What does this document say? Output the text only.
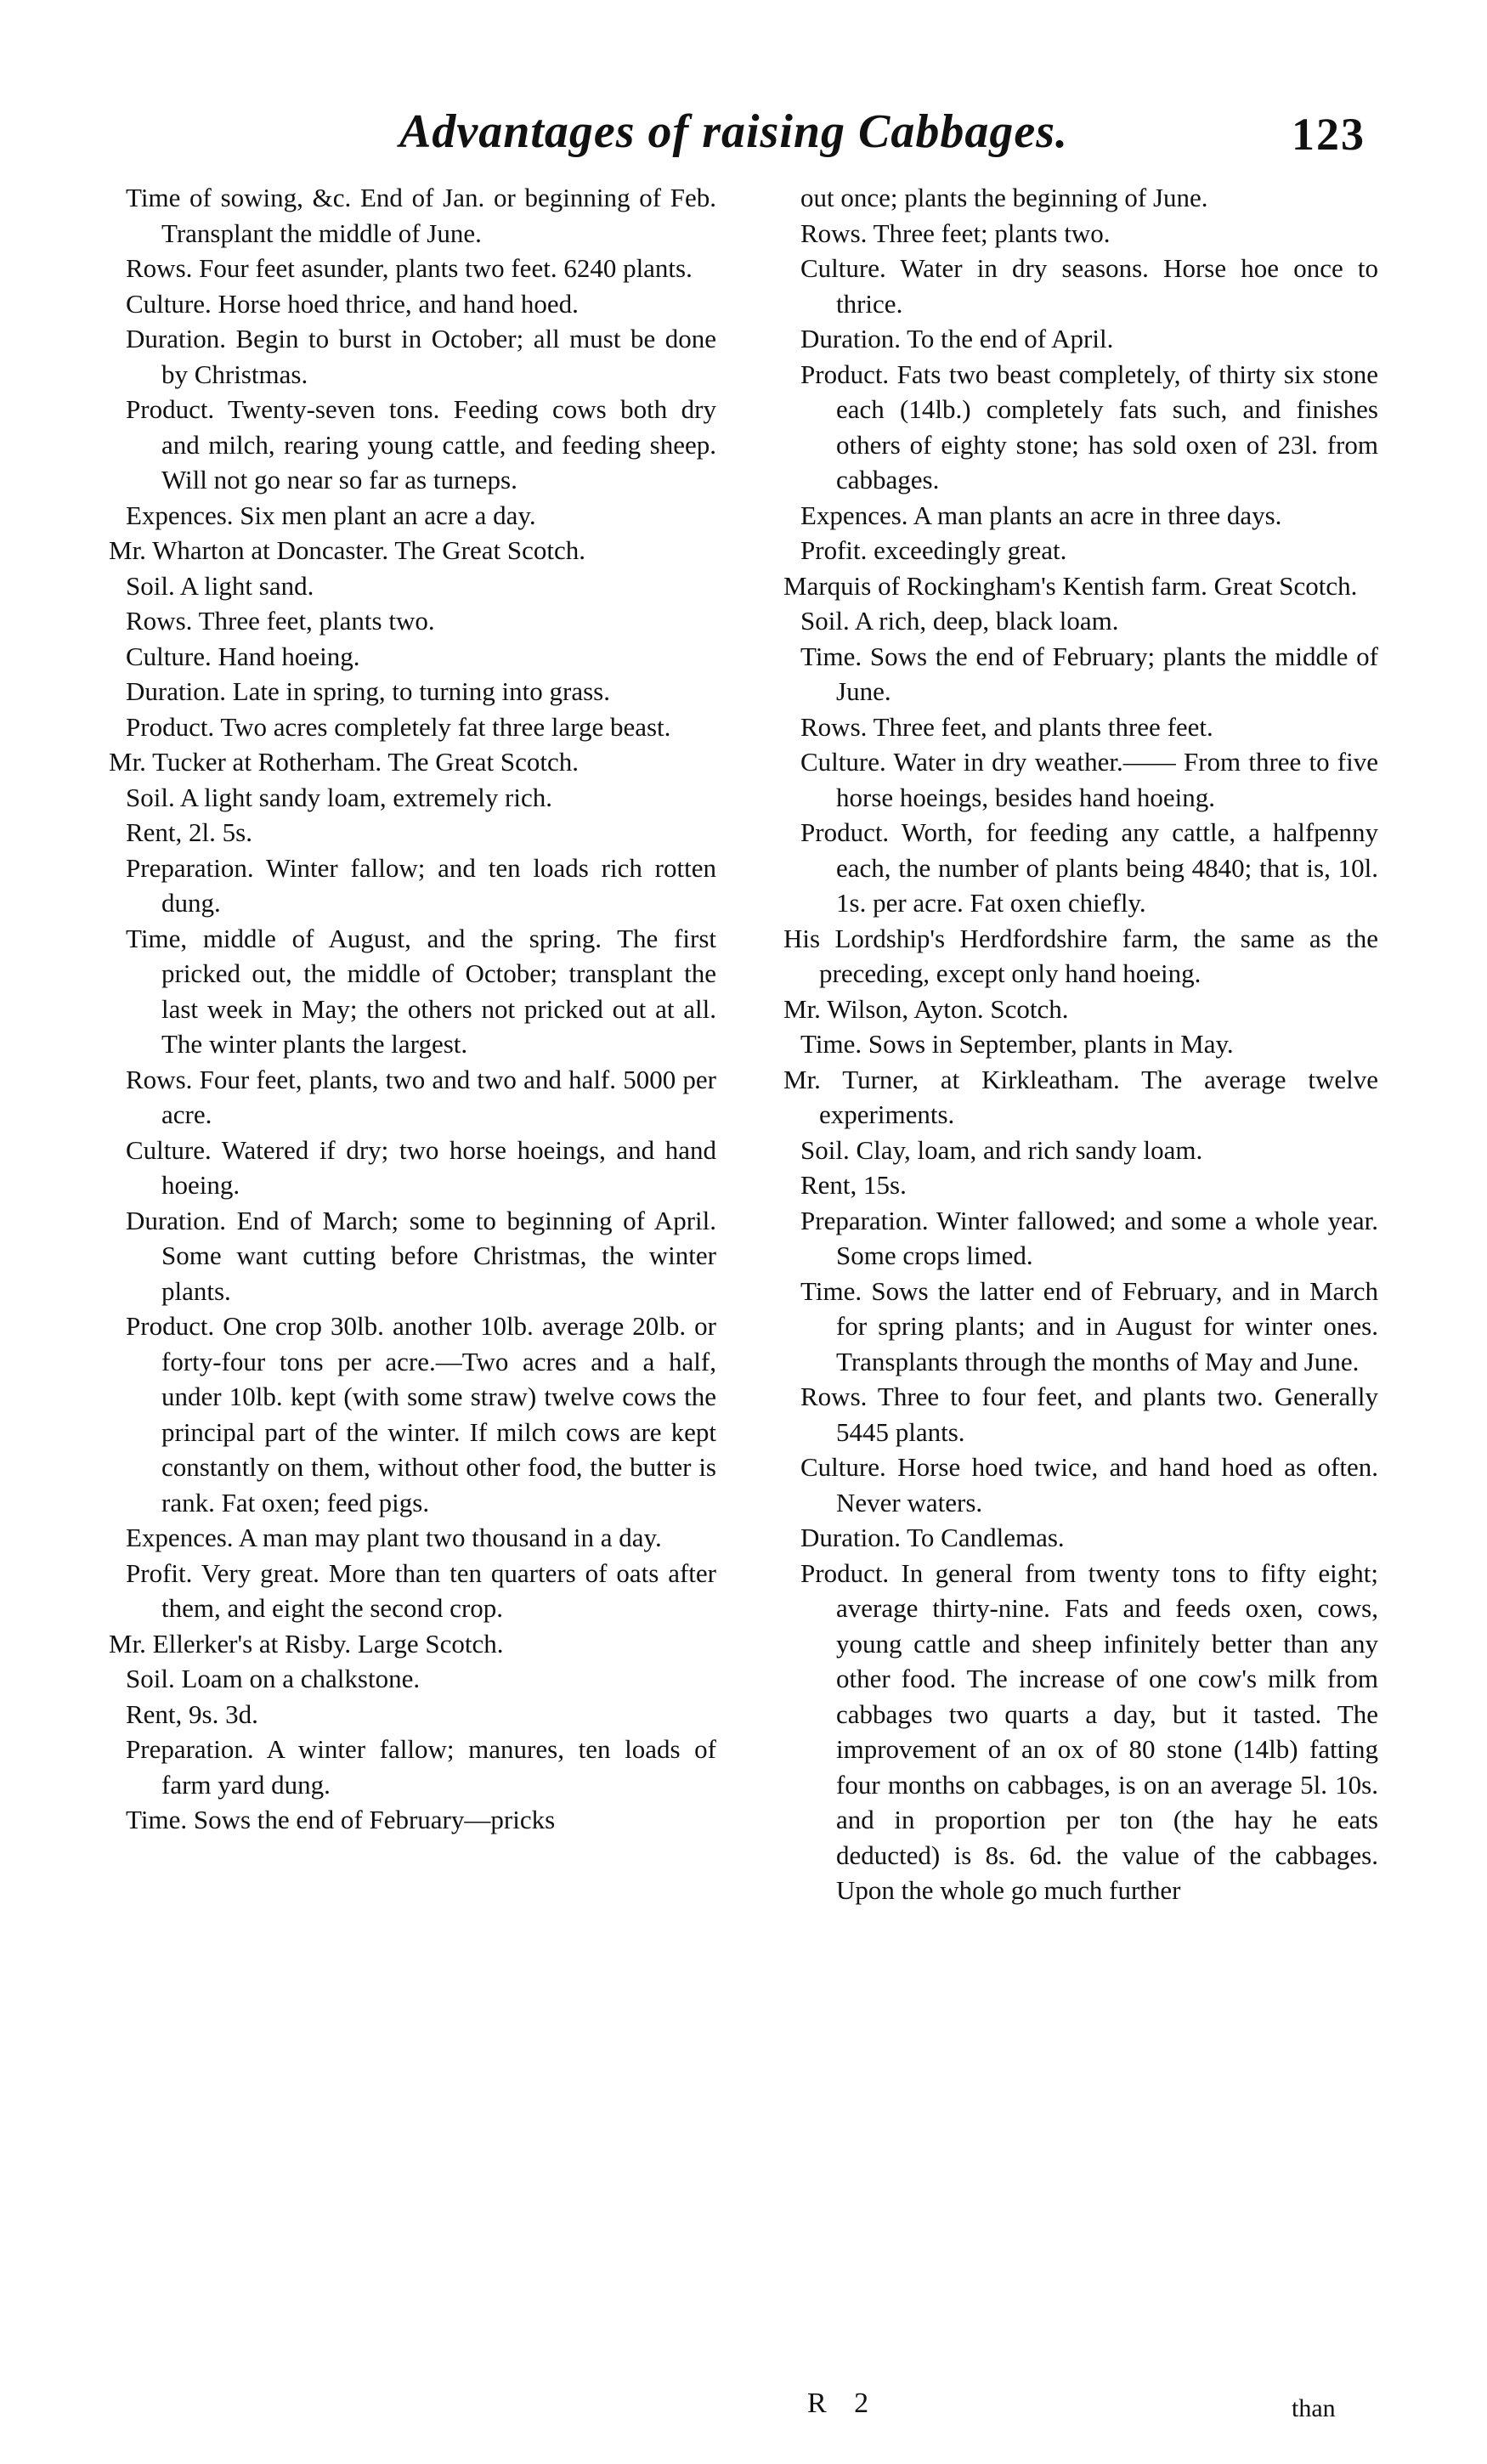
Advantages of raising Cabbages.	123

Time of sowing, &c. End of Jan. or beginning of Feb. Transplant the middle of June.

Rows. Four feet asunder, plants two feet. 6240 plants.

Culture. Horse hoed thrice, and hand hoed.

Duration. Begin to burst in October; all must be done by Christmas.

Product. Twenty-seven tons. Feeding cows both dry and milch, rearing young cattle, and feeding sheep. Will not go near so far as turneps.

Expences. Six men plant an acre a day.

Mr. Wharton at Doncaster. The Great Scotch.

Soil. A light sand.

Rows. Three feet, plants two.

Culture. Hand hoeing.

Duration. Late in spring, to turning into grass.

Product. Two acres completely fat three large beast.

Mr. Tucker at Rotherham. The Great Scotch.

Soil. A light sandy loam, extremely rich.

Rent, 2l. 5s.

Preparation. Winter fallow; and ten loads rich rotten dung.

Time, middle of August, and the spring. The first pricked out, the middle of October; transplant the last week in May; the others not pricked out at all. The winter plants the largest.

Rows. Four feet, plants, two and two and half. 5000 per acre.

Culture. Watered if dry; two horse hoeings, and hand hoeing.

Duration. End of March; some to beginning of April. Some want cutting before Christmas, the winter plants.

Product. One crop 30lb. another 10lb. average 20lb. or forty-four tons per acre.—Two acres and a half, under 10lb. kept (with some straw) twelve cows the principal part of the winter. If milch cows are kept constantly on them, without other food, the butter is rank. Fat oxen; feed pigs.

Expences. A man may plant two thousand in a day.

Profit. Very great. More than ten quarters of oats after them, and eight the second crop.

Mr. Ellerker's at Risby. Large Scotch.

Soil. Loam on a chalkstone.

Rent, 9s. 3d.

Preparation. A winter fallow; manures, ten loads of farm yard dung.

Time. Sows the end of February—pricks

out once; plants the beginning of June.

Rows. Three feet; plants two.

Culture. Water in dry seasons. Horse hoe once to thrice.

Duration. To the end of April.

Product. Fats two beast completely, of thirty six stone each (14lb.) completely fats such, and finishes others of eighty stone; has sold oxen of 23l. from cabbages.

Expences. A man plants an acre in three days.

Profit. exceedingly great.

Marquis of Rockingham's Kentish farm. Great Scotch.

Soil. A rich, deep, black loam.

Time. Sows the end of February; plants the middle of June.

Rows. Three feet, and plants three feet.

Culture. Water in dry weather.—— From three to five horse hoeings, besides hand hoeing.

Product. Worth, for feeding any cattle, a halfpenny each, the number of plants being 4840; that is, 10l. 1s. per acre. Fat oxen chiefly.

His Lordship's Herdfordshire farm, the same as the preceding, except only hand hoeing.

Mr. Wilson, Ayton. Scotch.

Time. Sows in September, plants in May.

Mr. Turner, at Kirkleatham. The average twelve experiments.

Soil. Clay, loam, and rich sandy loam.

Rent, 15s.

Preparation. Winter fallowed; and some a whole year. Some crops limed.

Time. Sows the latter end of February, and in March for spring plants; and in August for winter ones. Transplants through the months of May and June.

Rows. Three to four feet, and plants two. Generally 5445 plants.

Culture. Horse hoed twice, and hand hoed as often. Never waters.

Duration. To Candlemas.

Product. In general from twenty tons to fifty eight; average thirty-nine. Fats and feeds oxen, cows, young cattle and sheep infinitely better than any other food. The increase of one cow's milk from cabbages two quarts a day, but it tasted. The improvement of an ox of 80 stone (14lb) fatting four months on cabbages, is on an average 5l. 10s. and in proportion per ton (the hay he eats deducted) is 8s. 6d. the value of the cabbages. Upon the whole go much further

R 2	than
